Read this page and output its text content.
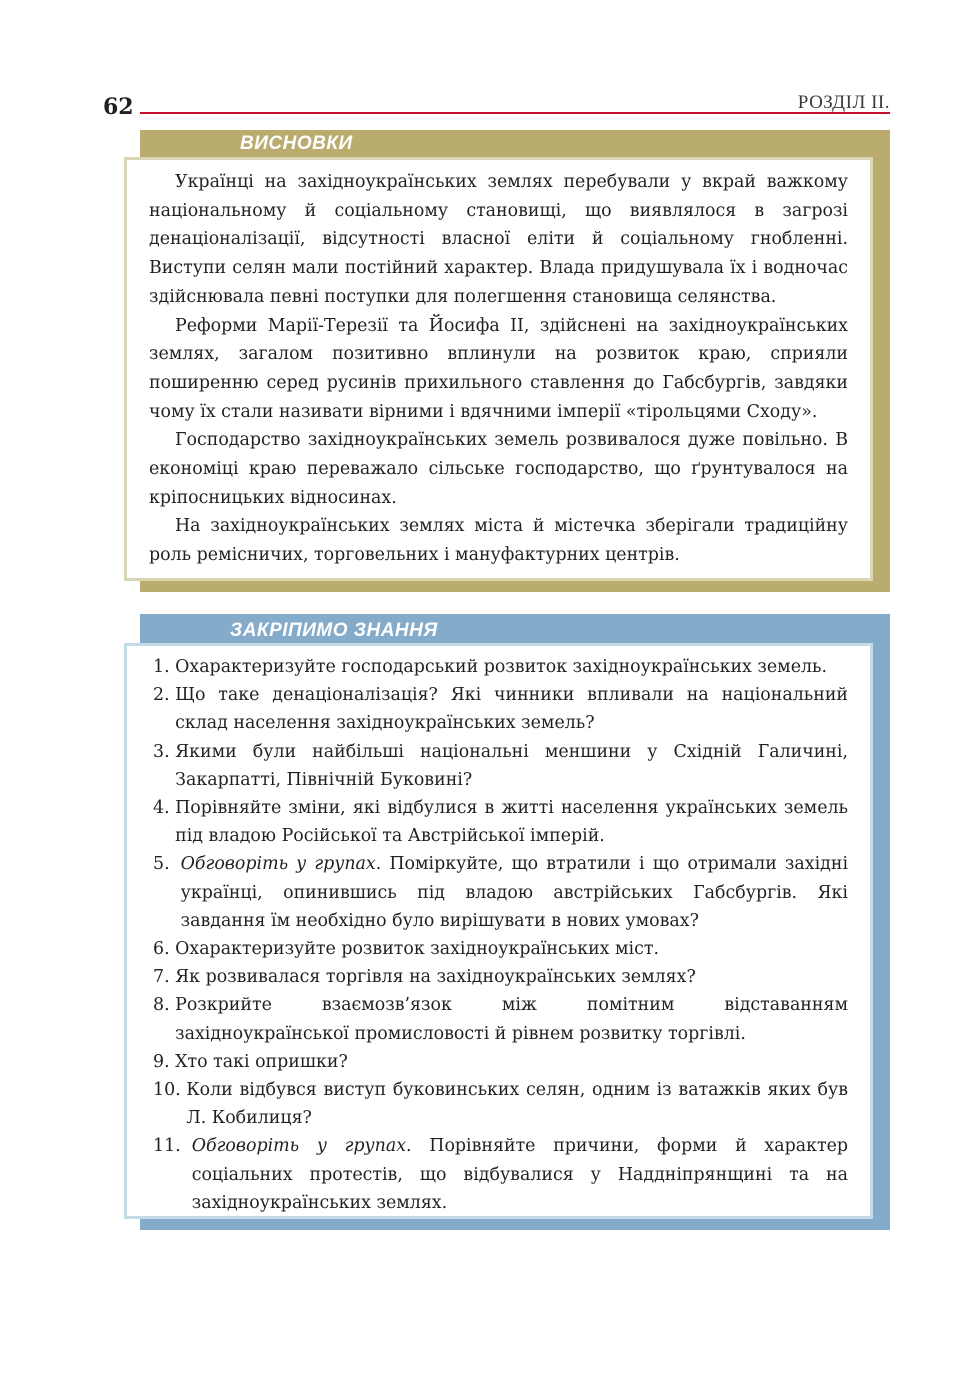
62	РОЗДІЛ II.
ВИСНОВКИ

Українці на західноукраїнських землях перебували у вкрай важкому національному й соціальному становищі, що виявлялося в загрозі денаціоналізації, відсутності власної еліти й соціальному гнобленні. Виступи селян мали постійний характер. Влада придушувала їх і водночас здійснювала певні поступки для полегшення становища селянства.

Реформи Марії-Терезії та Йосифа II, здійснені на західноукраїнських землях, загалом позитивно вплинули на розвиток краю, сприяли поширенню серед русинів прихильного ставлення до Габсбургів, завдяки чому їх стали називати вірними і вдячними імперії «тірольцями Сходу».

Господарство західноукраїнських земель розвивалося дуже повільно. В економіці краю переважало сільське господарство, що ґрунтувалося на кріпосницьких відносинах.

На західноукраїнських землях міста й містечка зберігали традиційну роль ремісничих, торговельних і мануфактурних центрів.

ЗАКРІПИМО ЗНАННЯ
1. Охарактеризуйте господарський розвиток західноукраїнських земель.
2. Що таке денаціоналізація? Які чинники впливали на національний склад населення західноукраїнських земель?
3. Якими були найбільші національні меншини у Східній Галичині, Закарпатті, Північній Буковині?
4. Порівняйте зміни, які відбулися в житті населення українських земель під владою Російської та Австрійської імперій.
5. Обговоріть у групах. Поміркуйте, що втратили і що отримали західні українці, опинившись під владою австрійських Габсбургів. Які завдання їм необхідно було вирішувати в нових умовах?
6. Охарактеризуйте розвиток західноукраїнських міст.
7. Як розвивалася торгівля на західноукраїнських землях?
8. Розкрийте взаємозв’язок між помітним відставанням західноукраїнської промисловості й рівнем розвитку торгівлі.
9. Хто такі опришки?
10. Коли відбувся виступ буковинських селян, одним із ватажків яких був Л. Кобилиця?
11. Обговоріть у групах. Порівняйте причини, форми й характер соціальних протестів, що відбувалися у Наддніпрянщині та на західноукраїнських землях.
